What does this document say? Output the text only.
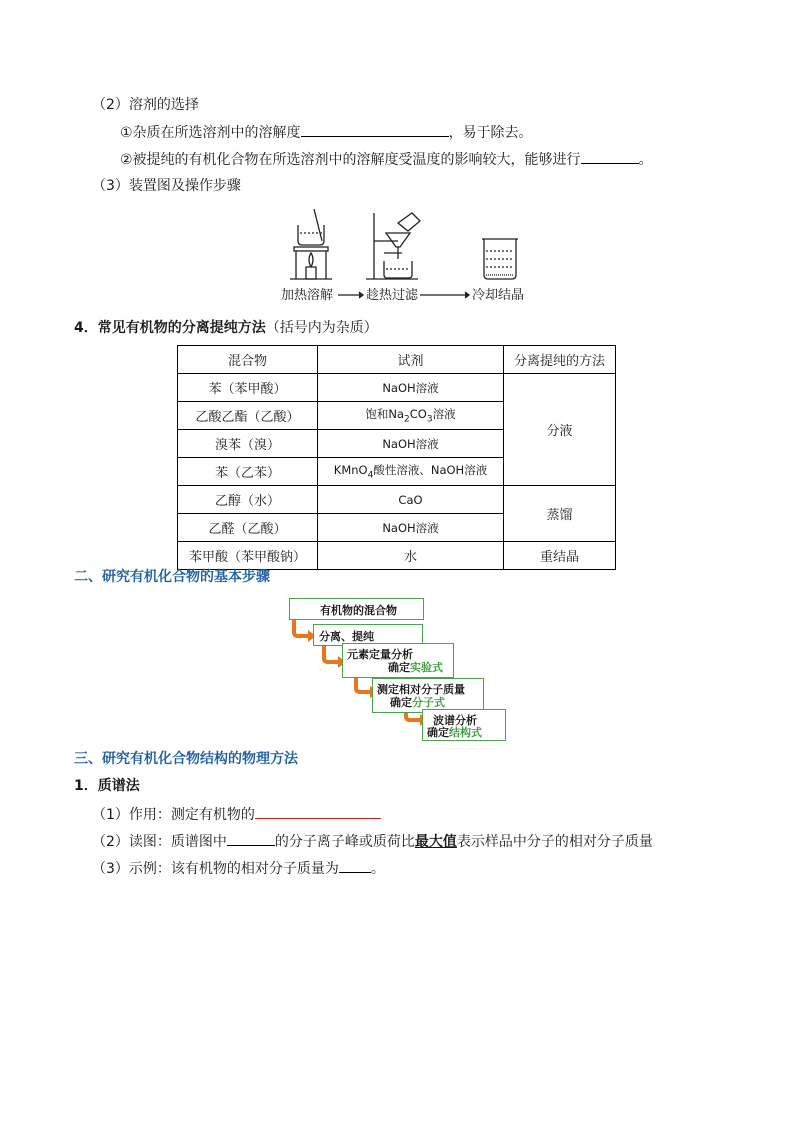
（2）溶剂的选择
①杂质在所选溶剂中的溶解度	，易于除去。
②被提纯的有机化合物在所选溶剂中的溶解度受温度的影响较大，能够进行	。
（3）装置图及操作步骤
加热溶解	趁热过滤	冷却结晶
4．常见有机物的分离提纯方法（括号内为杂质）
混合物	试剂	分离提纯的方法
苯（苯甲酸）	NaOH溶液	分液
乙酸乙酯（乙酸）	饱和$Na_2CO_3$溶液	
溴苯（溴）	NaOH溶液	
苯（乙苯）	KMnO$_4$酸性溶液、NaOH溶液	
乙醇（水）	CaO	蒸馏
乙醛（乙酸）	NaOH溶液	
苯甲酸（苯甲酸钠）	水	重结晶
二、研究有机化合物的基本步骤
有机物的混合物
分离、提纯
元素定量分析
确定实验式
测定相对分子质量
确定分子式
波谱分析
确定结构式
三、研究有机化合物结构的物理方法
1．质谱法
（1）作用：测定有机物的
（2）读图：质谱图中	的分子离子峰或质荷比最大值表示样品中分子的相对分子质量
（3）示例：该有机物的相对分子质量为 。
